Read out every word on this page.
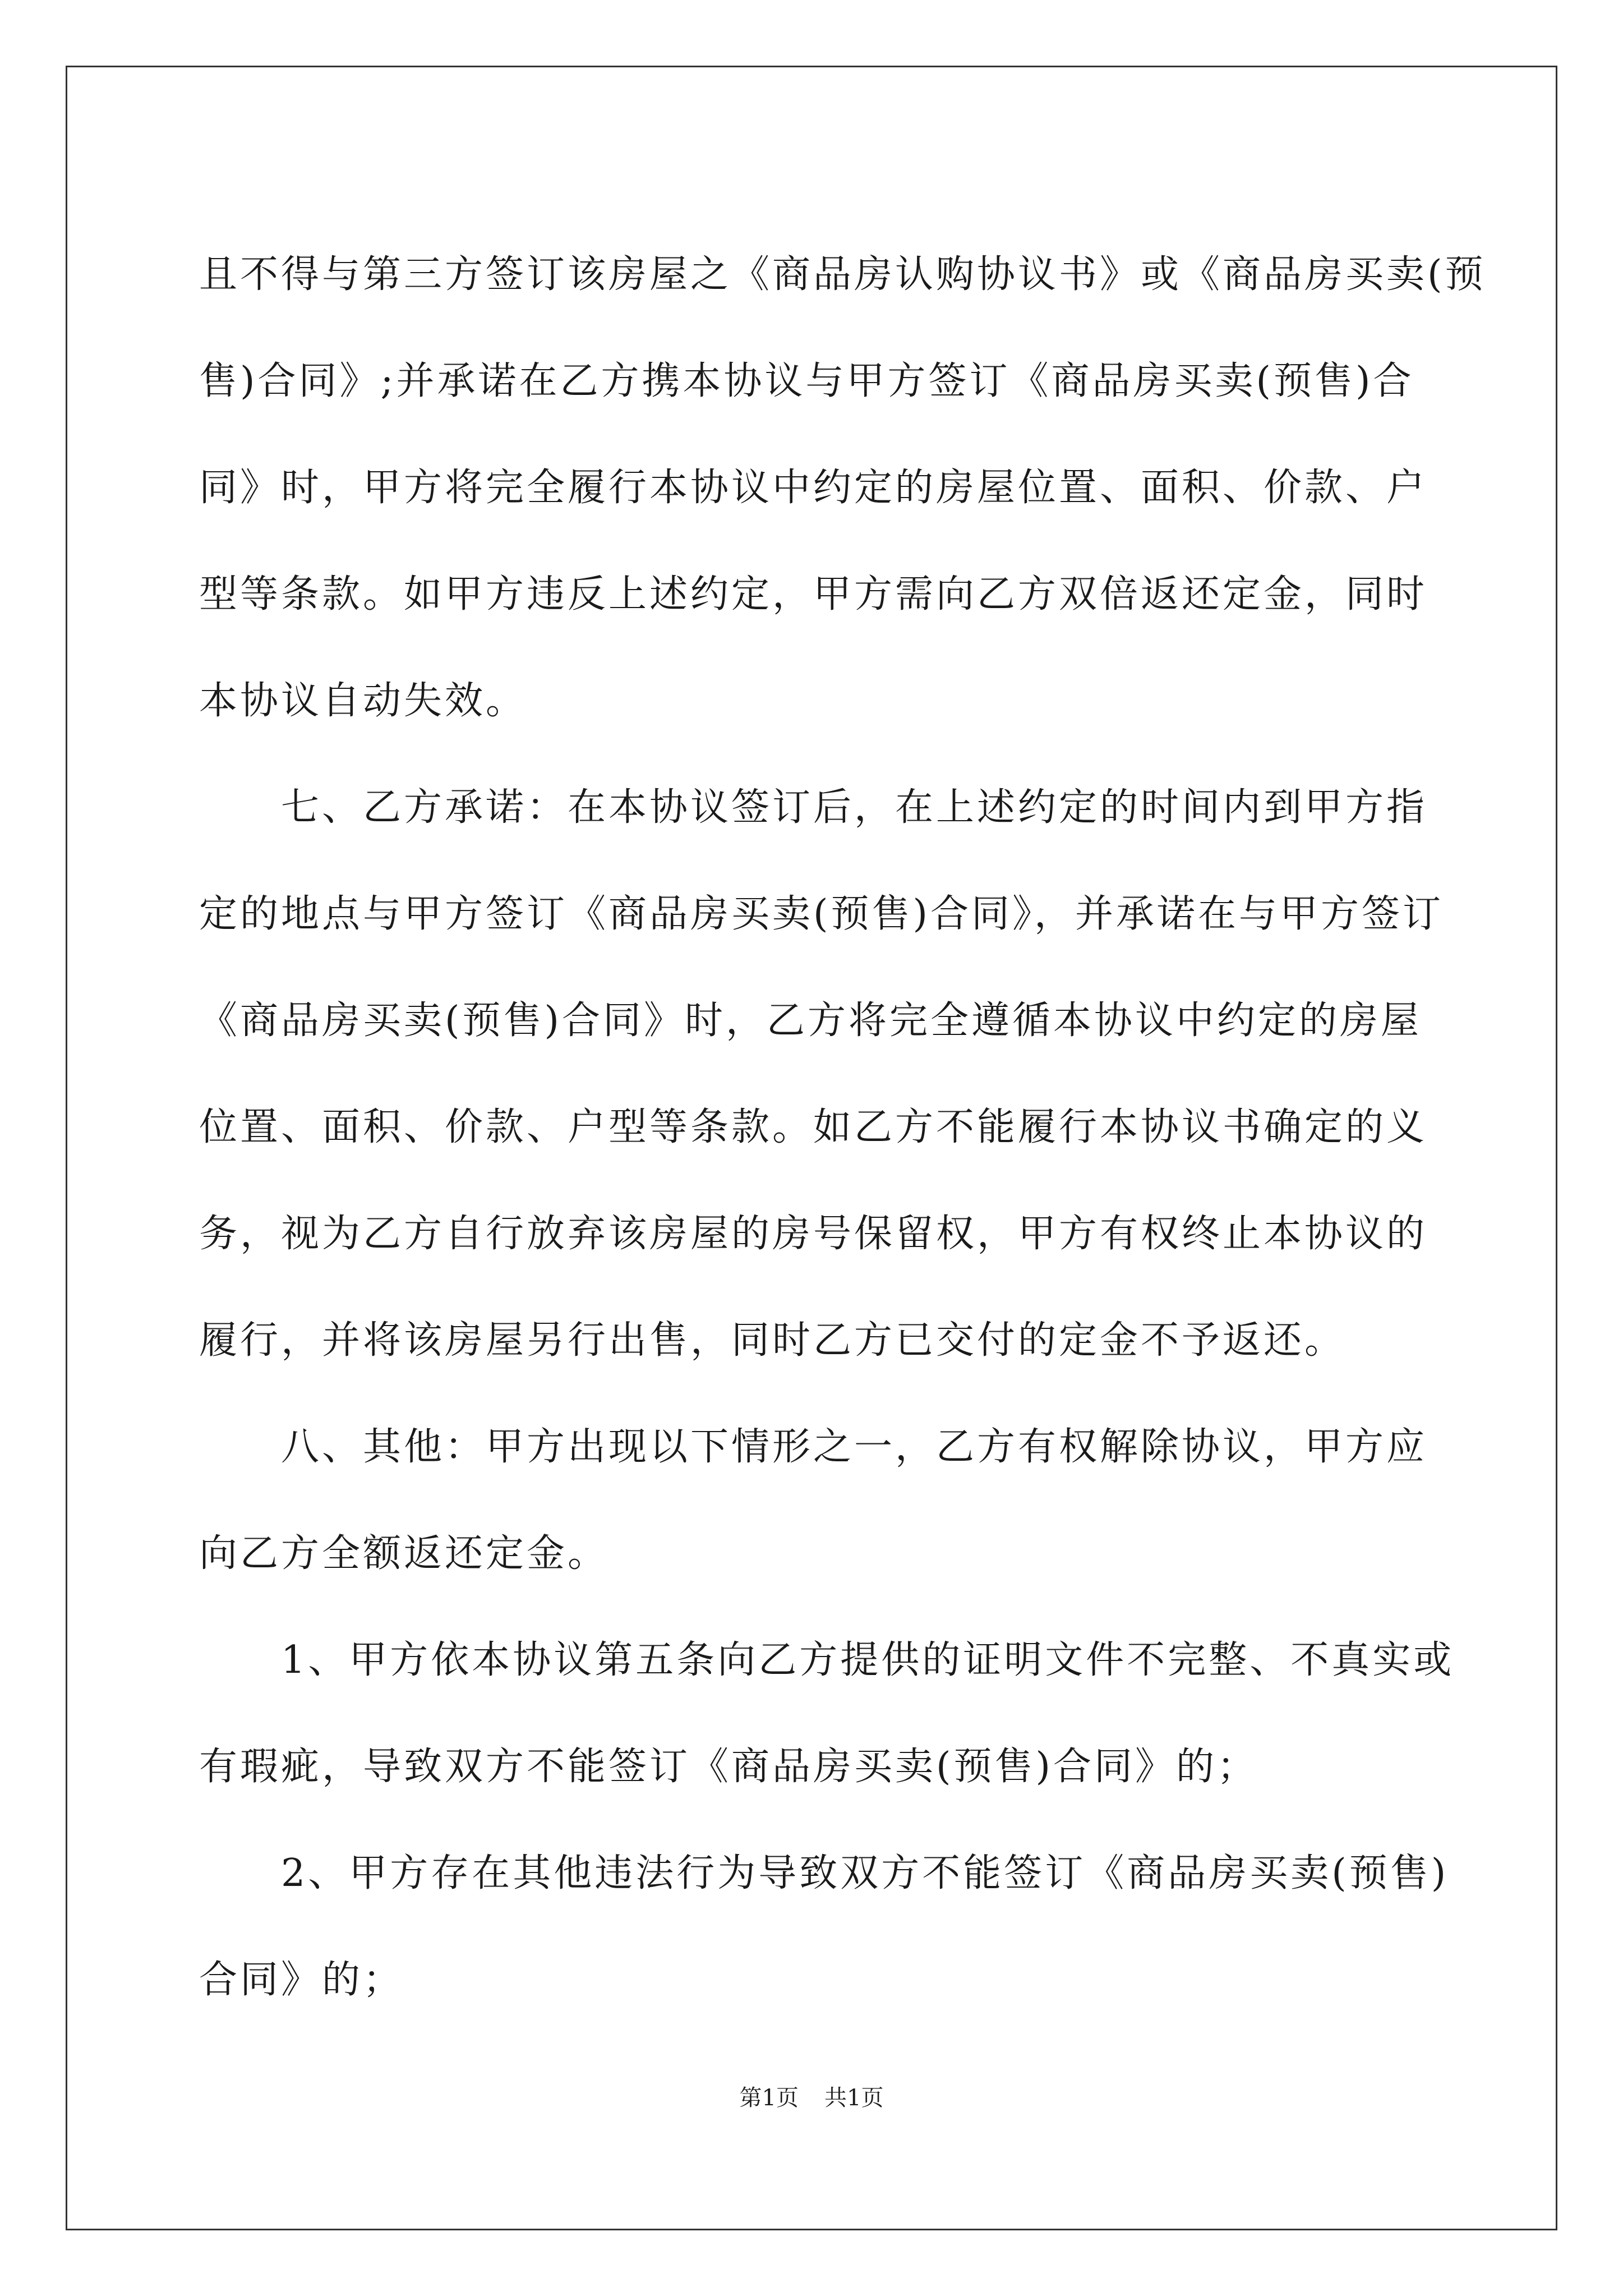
且不得与第三方签订该房屋之《商品房认购协议书》或《商品房买卖(预
售)合同》;并承诺在乙方携本协议与甲方签订《商品房买卖(预售)合
同》时，甲方将完全履行本协议中约定的房屋位置、面积、价款、户
型等条款。如甲方违反上述约定，甲方需向乙方双倍返还定金，同时
本协议自动失效。
　　七、乙方承诺：在本协议签订后，在上述约定的时间内到甲方指
定的地点与甲方签订《商品房买卖(预售)合同》，并承诺在与甲方签订
《商品房买卖(预售)合同》时，乙方将完全遵循本协议中约定的房屋
位置、面积、价款、户型等条款。如乙方不能履行本协议书确定的义
务，视为乙方自行放弃该房屋的房号保留权，甲方有权终止本协议的
履行，并将该房屋另行出售，同时乙方已交付的定金不予返还。
　　八、其他：甲方出现以下情形之一，乙方有权解除协议，甲方应
向乙方全额返还定金。
　　1、甲方依本协议第五条向乙方提供的证明文件不完整、不真实或
有瑕疵，导致双方不能签订《商品房买卖(预售)合同》的；
　　2、甲方存在其他违法行为导致双方不能签订《商品房买卖(预售)
合同》的；
第1页 共1页
